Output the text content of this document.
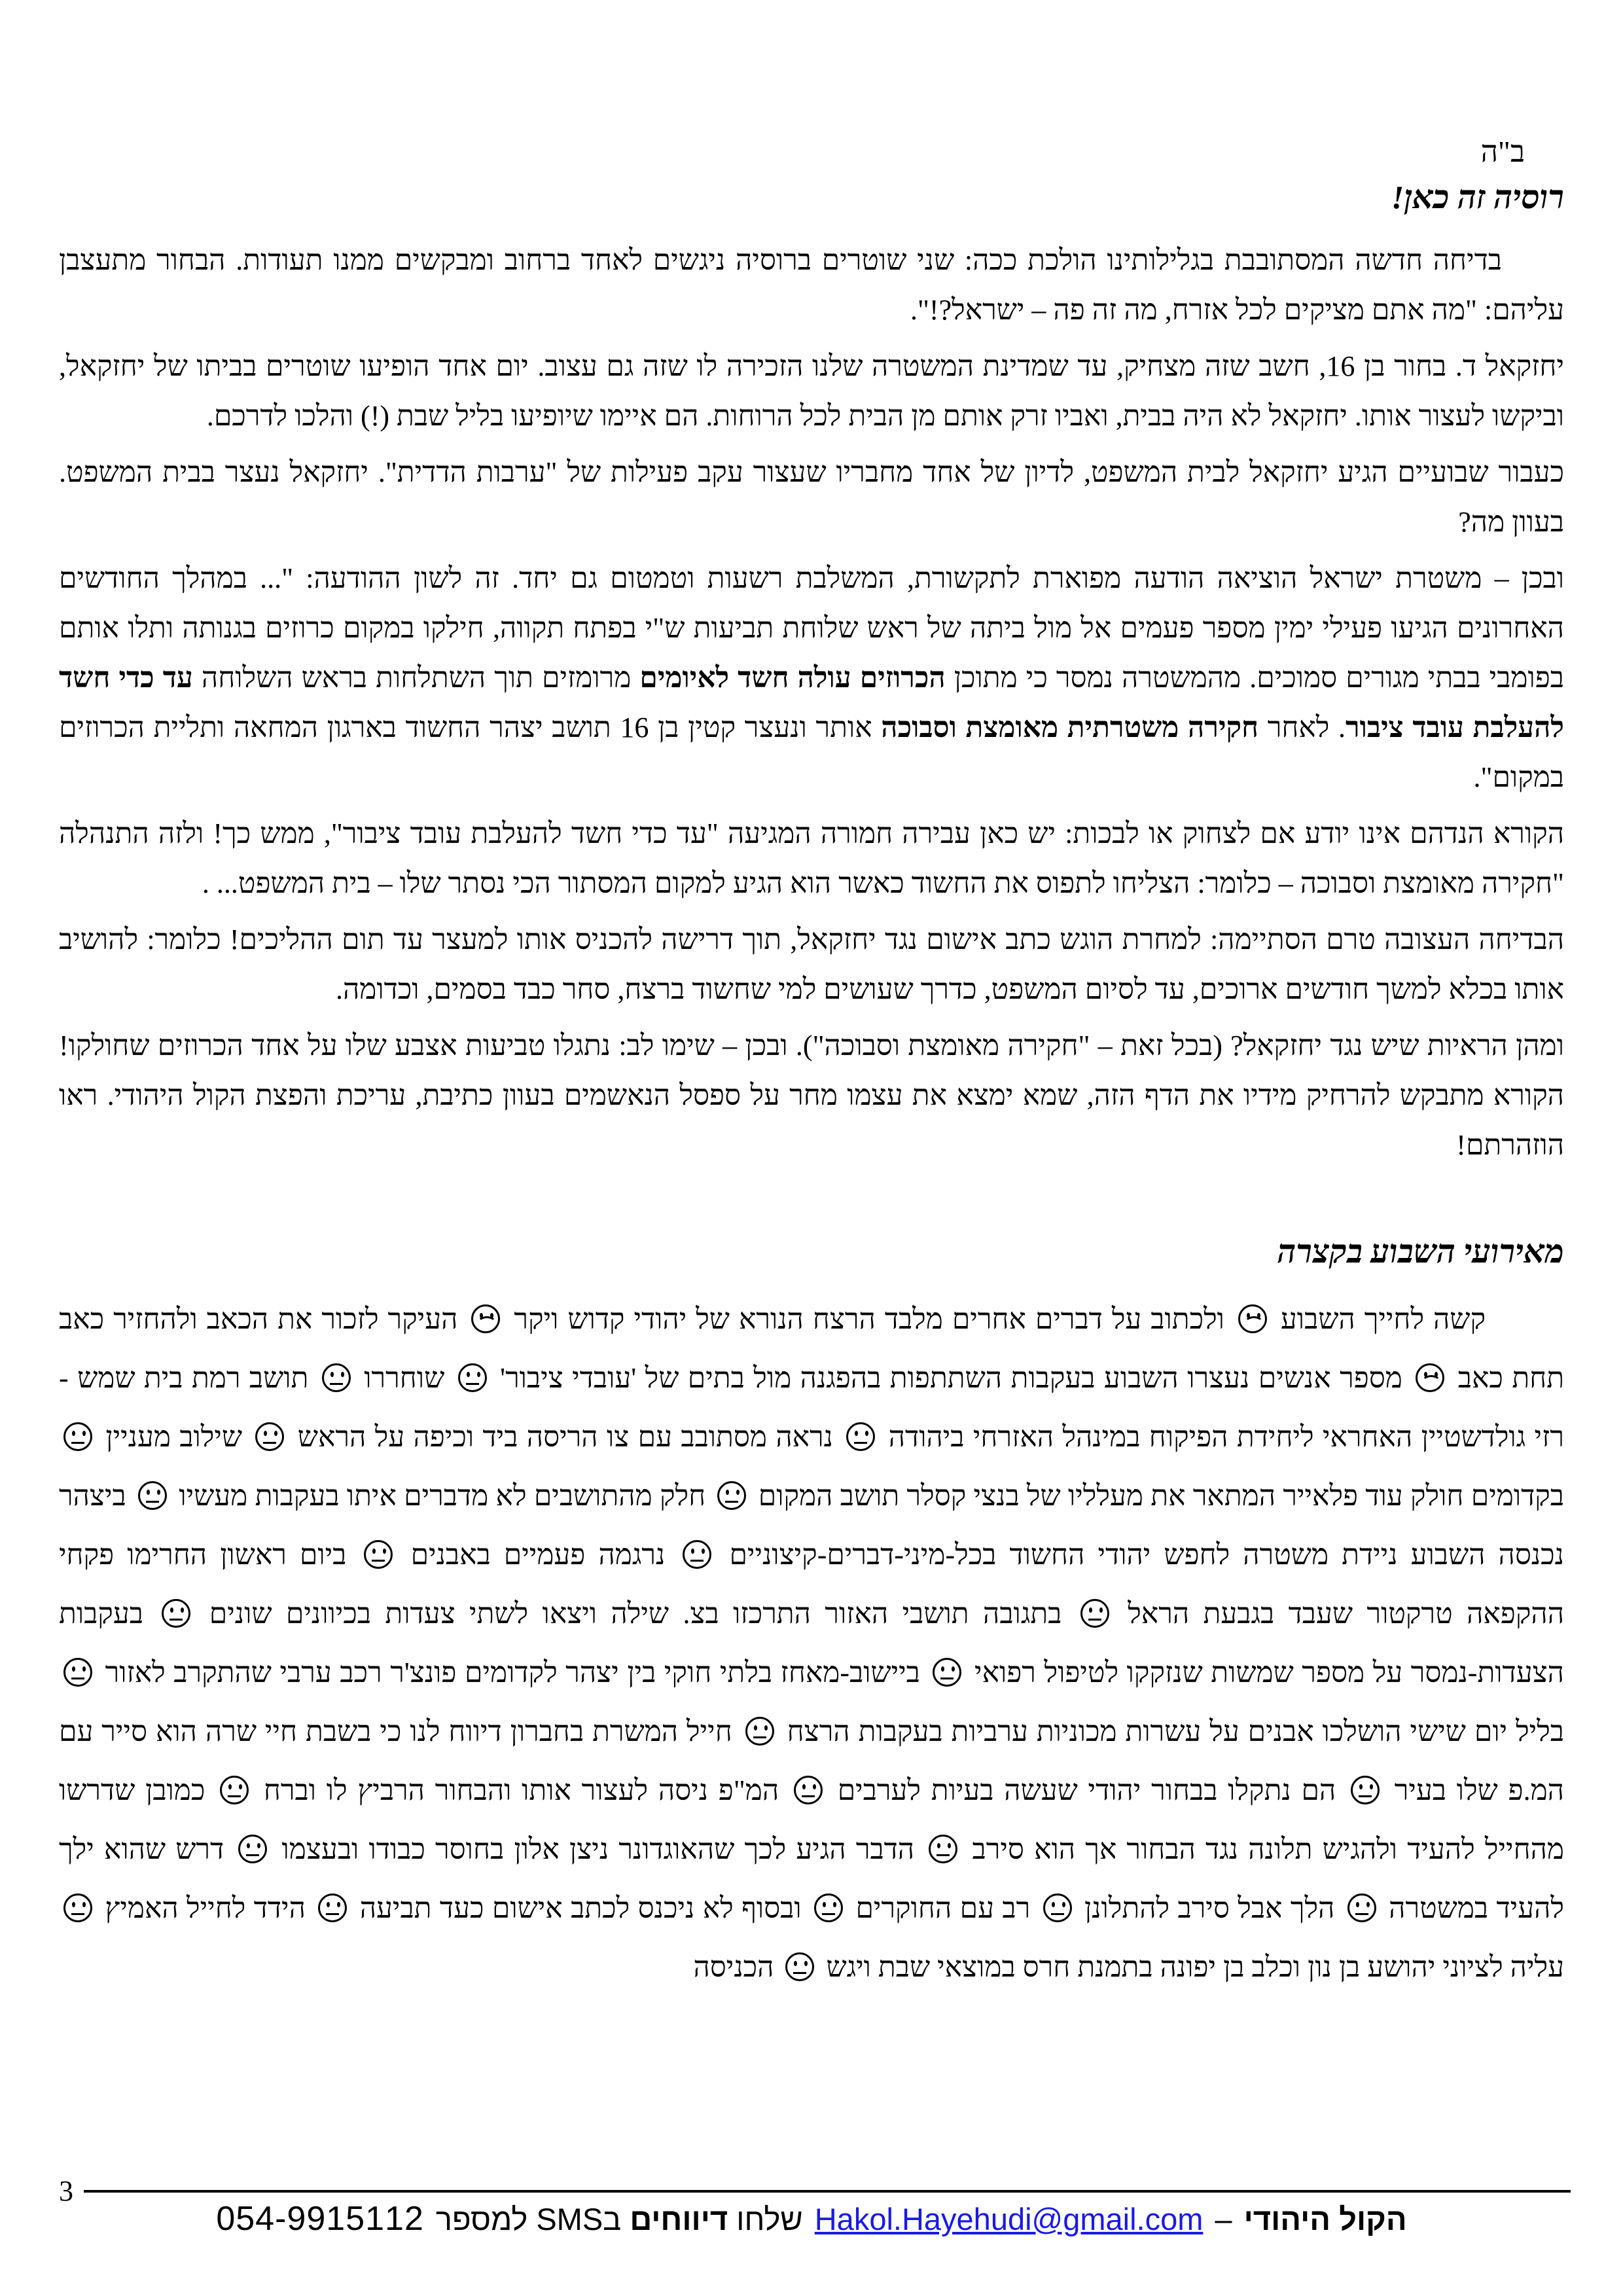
ב"ה
רוסיה זה כאן!

בדיחה חדשה המסתובבת בגלילותינו הולכת ככה: שני שוטרים ברוסיה ניגשים לאחד ברחוב ומבקשים ממנו תעודות. הבחור מתעצבן עליהם: "מה אתם מציקים לכל אזרח, מה זה פה – ישראל?!".

יחזקאל ד. בחור בן 16, חשב שזה מצחיק, עד שמדינת המשטרה שלנו הזכירה לו שזה גם עצוב. יום אחד הופיעו שוטרים בביתו של יחזקאל, וביקשו לעצור אותו. יחזקאל לא היה בבית, ואביו זרק אותם מן הבית לכל הרוחות. הם איימו שיופיעו בליל שבת (!) והלכו לדרכם.

כעבור שבועיים הגיע יחזקאל לבית המשפט, לדיון של אחד מחבריו שעצור עקב פעילות של "ערבות הדדית". יחזקאל נעצר בבית המשפט. בעוון מה?

ובכן – משטרת ישראל הוציאה הודעה מפוארת לתקשורת, המשלבת רשעות וטמטום גם יחד. זה לשון ההודעה: "... במהלך החודשים האחרונים הגיעו פעילי ימין מספר פעמים אל מול ביתה של ראש שלוחת תביעות ש"י בפתח תקווה, חילקו במקום כרוזים בגנותה ותלו אותם בפומבי בבתי מגורים סמוכים. מהמשטרה נמסר כי מתוכן הכרוזים עולה חשד לאיומים מרומזים תוך השתלחות בראש השלוחה עד כדי חשד להעלבת עובד ציבור. לאחר חקירה משטרתית מאומצת וסבוכה אותר ונעצר קטין בן 16 תושב יצהר החשוד בארגון המחאה ותליית הכרוזים במקום".

הקורא הנדהם אינו יודע אם לצחוק או לבכות: יש כאן עבירה חמורה המגיעה "עד כדי חשד להעלבת עובד ציבור", ממש כך! ולזה התנהלה "חקירה מאומצת וסבוכה – כלומר: הצליחו לתפוס את החשוד כאשר הוא הגיע למקום המסתור הכי נסתר שלו – בית המשפט... .

הבדיחה העצובה טרם הסתיימה: למחרת הוגש כתב אישום נגד יחזקאל, תוך דרישה להכניס אותו למעצר עד תום ההליכים! כלומר: להושיב אותו בכלא למשך חודשים ארוכים, עד לסיום המשפט, כדרך שעושים למי שחשוד ברצח, סחר כבד בסמים, וכדומה.

ומהן הראיות שיש נגד יחזקאל? (בכל זאת – "חקירה מאומצת וסבוכה"). ובכן – שימו לב: נתגלו טביעות אצבע שלו על אחד הכרוזים שחולקו! הקורא מתבקש להרחיק מידיו את הדף הזה, שמא ימצא את עצמו מחר על ספסל הנאשמים בעוון כתיבת, עריכת והפצת הקול היהודי. ראו הוזהרתם!

מאירועי השבוע בקצרה

קשה לחייך השבוע  ולכתוב על דברים אחרים מלבד הרצח הנורא של יהודי קדוש ויקר  העיקר לזכור את הכאב ולהחזיר כאב תחת כאב  מספר אנשים נעצרו השבוע בעקבות השתתפות בהפגנה מול בתים של 'עובדי ציבור'  שוחררו  תושב רמת בית שמש - רזי גולדשטיין האחראי ליחידת הפיקוח במינהל האזרחי ביהודה  נראה מסתובב עם צו הריסה ביד וכיפה על הראש  שילוב מעניין  בקדומים חולק עוד פלאייר המתאר את מעלליו של בנצי קסלר תושב המקום  חלק מהתושבים לא מדברים איתו בעקבות מעשיו  ביצהר נכנסה השבוע ניידת משטרה לחפש יהודי החשוד בכל-מיני-דברים-קיצוניים  נרגמה פעמיים באבנים  ביום ראשון החרימו פקחי ההקפאה טרקטור שעבד בגבעת הראל  בתגובה תושבי האזור התרכזו בצ. שילה ויצאו לשתי צעדות בכיוונים שונים  בעקבות הצעדות-נמסר על מספר שמשות שנזקקו לטיפול רפואי  ביישוב-מאחז בלתי חוקי בין יצהר לקדומים פונצ'ר רכב ערבי שהתקרב לאזור  בליל יום שישי הושלכו אבנים על עשרות מכוניות ערביות בעקבות הרצח  חייל המשרת בחברון דיווח לנו כי בשבת חיי שרה הוא סייר עם המ.פ שלו בעיר  הם נתקלו בבחור יהודי שעשה בעיות לערבים  המ"פ ניסה לעצור אותו והבחור הרביץ לו וברח  כמובן שדרשו מהחייל להעיד ולהגיש תלונה נגד הבחור אך הוא סירב  הדבר הגיע לכך שהאוגדונר ניצן אלון בחוסר כבודו ובעצמו  דרש שהוא ילך להעיד במשטרה  הלך אבל סירב להתלונן  רב עם החוקרים  ובסוף לא ניכנס לכתב אישום כעד תביעה  הידד לחייל האמיץ  עליה לציוני יהושע בן נון וכלב בן יפונה בתמנת חרס במוצאי שבת ויגש  הכניסה

3
הקול היהודי–Hakol.Hayehudi@gmail.comשלחו דיווחים בSMS למספר054-9915112
